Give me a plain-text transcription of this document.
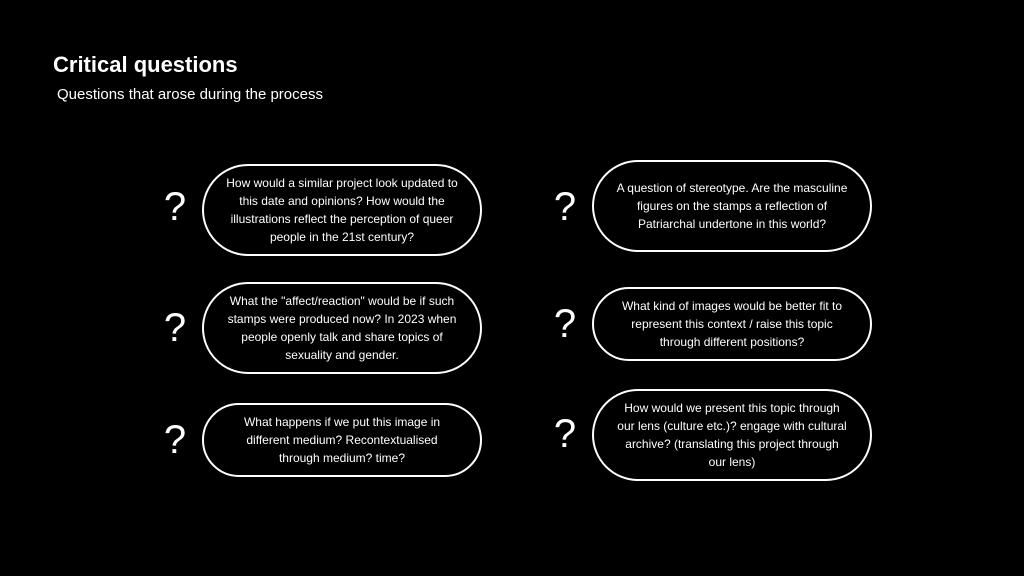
Critical questions

Questions that arose during the process

?
How would a similar project look updated to this date and opinions? How would the illustrations reflect the perception of queer people in the 21st century?
?	A question of stereotype. Are the masculine figures on the stamps a reflection of Patriarchal undertone in this world?
?
What the "affect/reaction" would be if such stamps were produced now? In 2023 when people openly talk and share topics of sexuality and gender.
?	What kind of images would be better fit to represent this context / raise this topic through different positions?
?	What happens if we put this image in different medium? Recontextualised through medium? time?
?
How would we present this topic through our lens (culture etc.)? engage with cultural archive? (translating this project through our lens)
